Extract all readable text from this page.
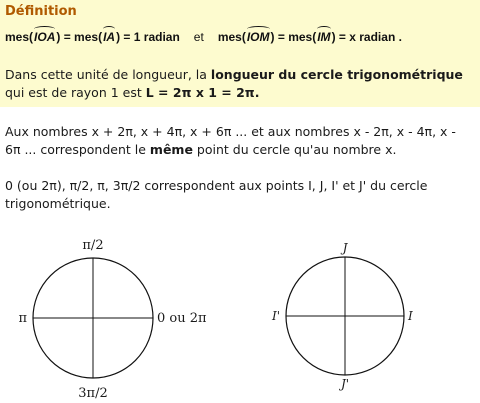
Définition
mes(IOA) = mes(IA) = 1 radian et mes(IOM) = mes(IM) = x radian .
Dans cette unité de longueur, la longueur du cercle trigonométrique qui est de rayon 1 est L = 2π x 1 = 2π.
Aux nombres x + 2π, x + 4π, x + 6π ... et aux nombres x - 2π, x - 4π, x - 6π ... correspondent le même point du cercle qu'au nombre x.
0 (ou 2π), π/2, π, 3π/2 correspondent aux points I, J, I' et J' du cercle trigonométrique.
π/2
π	0 ou 2π
3π/2
J
I'	I
J'
